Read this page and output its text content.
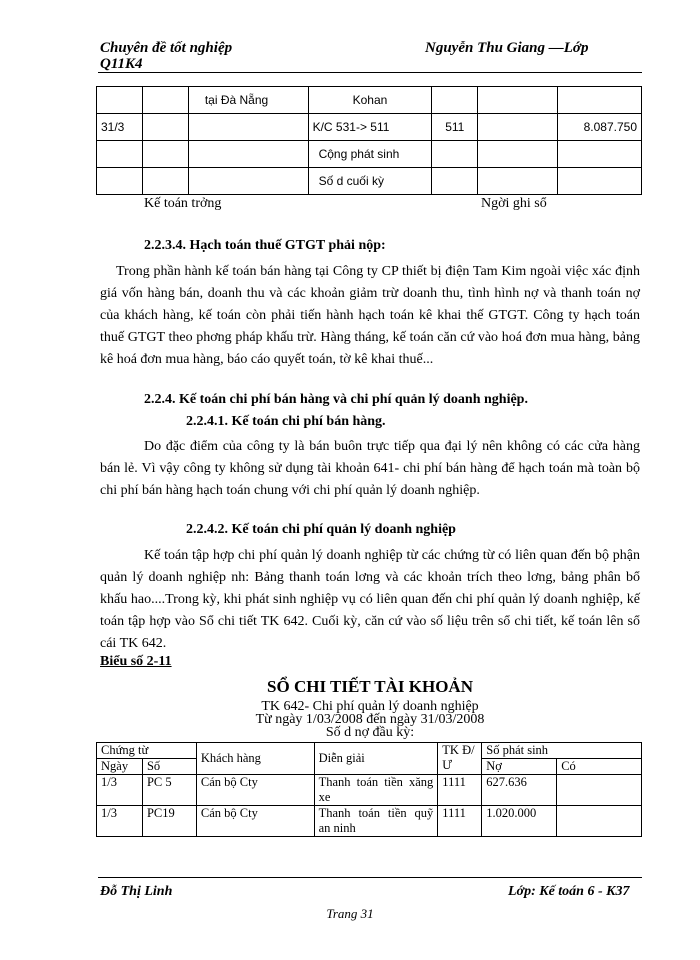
Chuyên đề tốt nghiệp
Q11K4
Nguyễn Thu Giang —Lớp
		tại Đà Nẵng	Kohan			
31/3			K/C 531-> 511	511		8.087.750
			Cộng phát sinh			
			Số d cuối kỳ			
Kế toán trởng	Ngời ghi sổ
2.2.3.4. Hạch toán thuế GTGT phải nộp:
Trong phần hành kế toán bán hàng tại Công ty CP thiết bị điện Tam Kim ngoài việc xác định giá vốn hàng bán, doanh thu và các khoản giảm trừ doanh thu, tình hình nợ và thanh toán nợ của khách hàng, kế toán còn phải tiến hành hạch toán kê khai thế GTGT. Công ty hạch toán thuế GTGT theo phơng pháp khấu trừ. Hàng tháng, kế toán căn cứ vào hoá đơn mua hàng, bảng kê hoá đơn mua hàng, báo cáo quyết toán, tờ kê khai thuế...
2.2.4. Kế toán chi phí bán hàng và chi phí quản lý doanh nghiệp.
2.2.4.1. Kế toán chi phí bán hàng.
Do đặc điểm của công ty là bán buôn trực tiếp qua đại lý nên không có các cửa hàng bán lẻ. Vì vậy công ty không sử dụng tài khoản 641- chi phí bán hàng để hạch toán mà toàn bộ chi phí bán hàng hạch toán chung với chi phí quản lý doanh nghiệp.
2.2.4.2. Kế toán chi phí quản lý doanh nghiệp
Kế toán tập hợp chi phí quản lý doanh nghiệp từ các chứng từ có liên quan đến bộ phận quản lý doanh nghiệp nh: Bảng thanh toán lơng và các khoản trích theo lơng, bảng phân bổ khấu hao....Trong kỳ, khi phát sinh nghiệp vụ có liên quan đến chi phí quản lý doanh nghiệp, kế toán tập hợp vào Sổ chi tiết TK 642. Cuối kỳ, căn cứ vào số liệu trên sổ chi tiết, kế toán lên sổ cái TK 642.
Biểu số 2-11
SỔ CHI TIẾT TÀI KHOẢN
TK 642- Chi phí quản lý doanh nghiệp
Từ ngày 1/03/2008 đến ngày 31/03/2008
Số d nợ đầu kỳ:
Chứng từ		Khách hàng	Diễn giải	TK Đ/Ư	Số phát sinh	
Ngày	Số				Nợ	Có
1/3	PC 5	Cán bộ Cty	Thanh toán tiền xăng xe	1111	627.636	
1/3	PC19	Cán bộ Cty	Thanh toán tiền quỹ an ninh	1111	1.020.000	
Đỗ Thị Linh	Lớp: Kế toán 6 - K37
Trang 31
